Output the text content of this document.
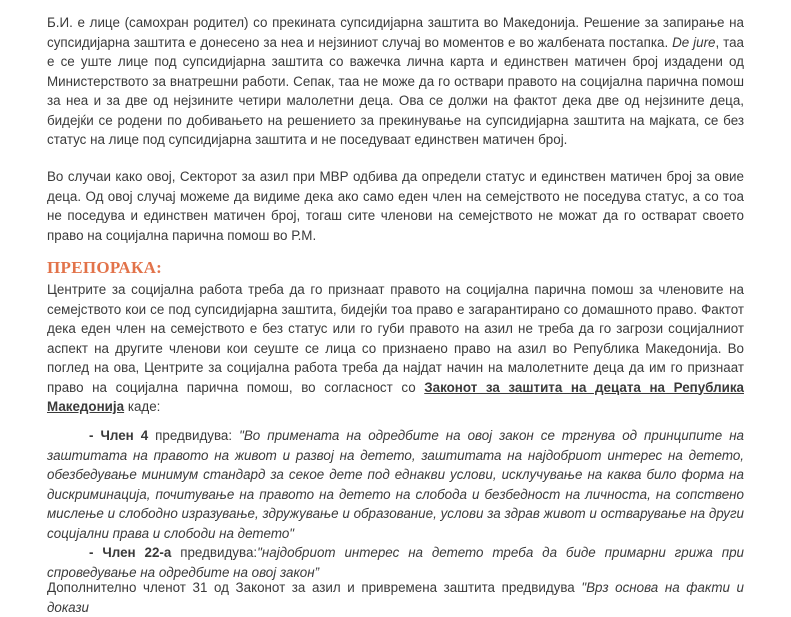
Б.И. е лице (самохран родител) со прекината супсидијарна заштита во Македонија. Решение за запирање на супсидијарна заштита е донесено за неа и нејзиниот случај во моментов е во жалбената постапка. De jure, таа е се уште лице под супсидијарна заштита со важечка лична карта и единствен матичен број издадени од Министерството за внатрешни работи. Сепак, таа не може да го оствари правото на социјална парична помош за неа и за две од нејзините четири малолетни деца. Ова се должи на фактот дека две од нејзините деца, бидејќи се родени по добивањето на решението за прекинување на супсидијарна заштита на мајката, се без статус на лице под супсидијарна заштита и не поседуваат единствен матичен број.

Во случаи како овој, Секторот за азил при МВР одбива да определи статус и единствен матичен број за овие деца. Од овој случај можеме да видиме дека ако само еден член на семејството не поседува статус, а со тоа не поседува и единствен матичен број, тогаш сите членови на семејството не можат да го остварат своето право на социјална парична помош во Р.М.

ПРЕПОРАКА:

Центрите за социјална работа треба да го признаат правото на социјална парична помош за членовите на семејството кои се под супсидијарна заштита, бидејќи тоа право е загарантирано со домашното право. Фактот дека еден член на семејството е без статус или го губи правото на азил не треба да го загрози социјалниот аспект на другите членови кои сеуште се лица со признаено право на азил во Република Македонија. Во поглед на ова, Центрите за социјална работа треба да најдат начин на малолетните деца да им го признаат право на социјална парична помош, во согласност со Законот за заштита на децата на Република Македонија каде:

- Член 4 предвидува: "Во примената на одредбите на овој закон се тргнува од принципите на заштитата на правото на живот и развој на детето, заштитата на најдобриот интерес на детето, обезбедување минимум стандард за секое дете под еднакви услови, исклучување на каква било форма на дискриминација, почитување на правото на детето на слобода и безбедност на личноста, на сопствено мислење и слободно изразување, здружување и образование, услови за здрав живот и остварување на други социјални права и слободи на детето"
- Член 22-а предвидува:"најдобриот интерес на детето треба да биде примарни грижа при спроведување на одредбите на овој закон”

Дополнително членот 31 од Законот за азил и привремена заштита предвидува "Врз основа на факти и докази
